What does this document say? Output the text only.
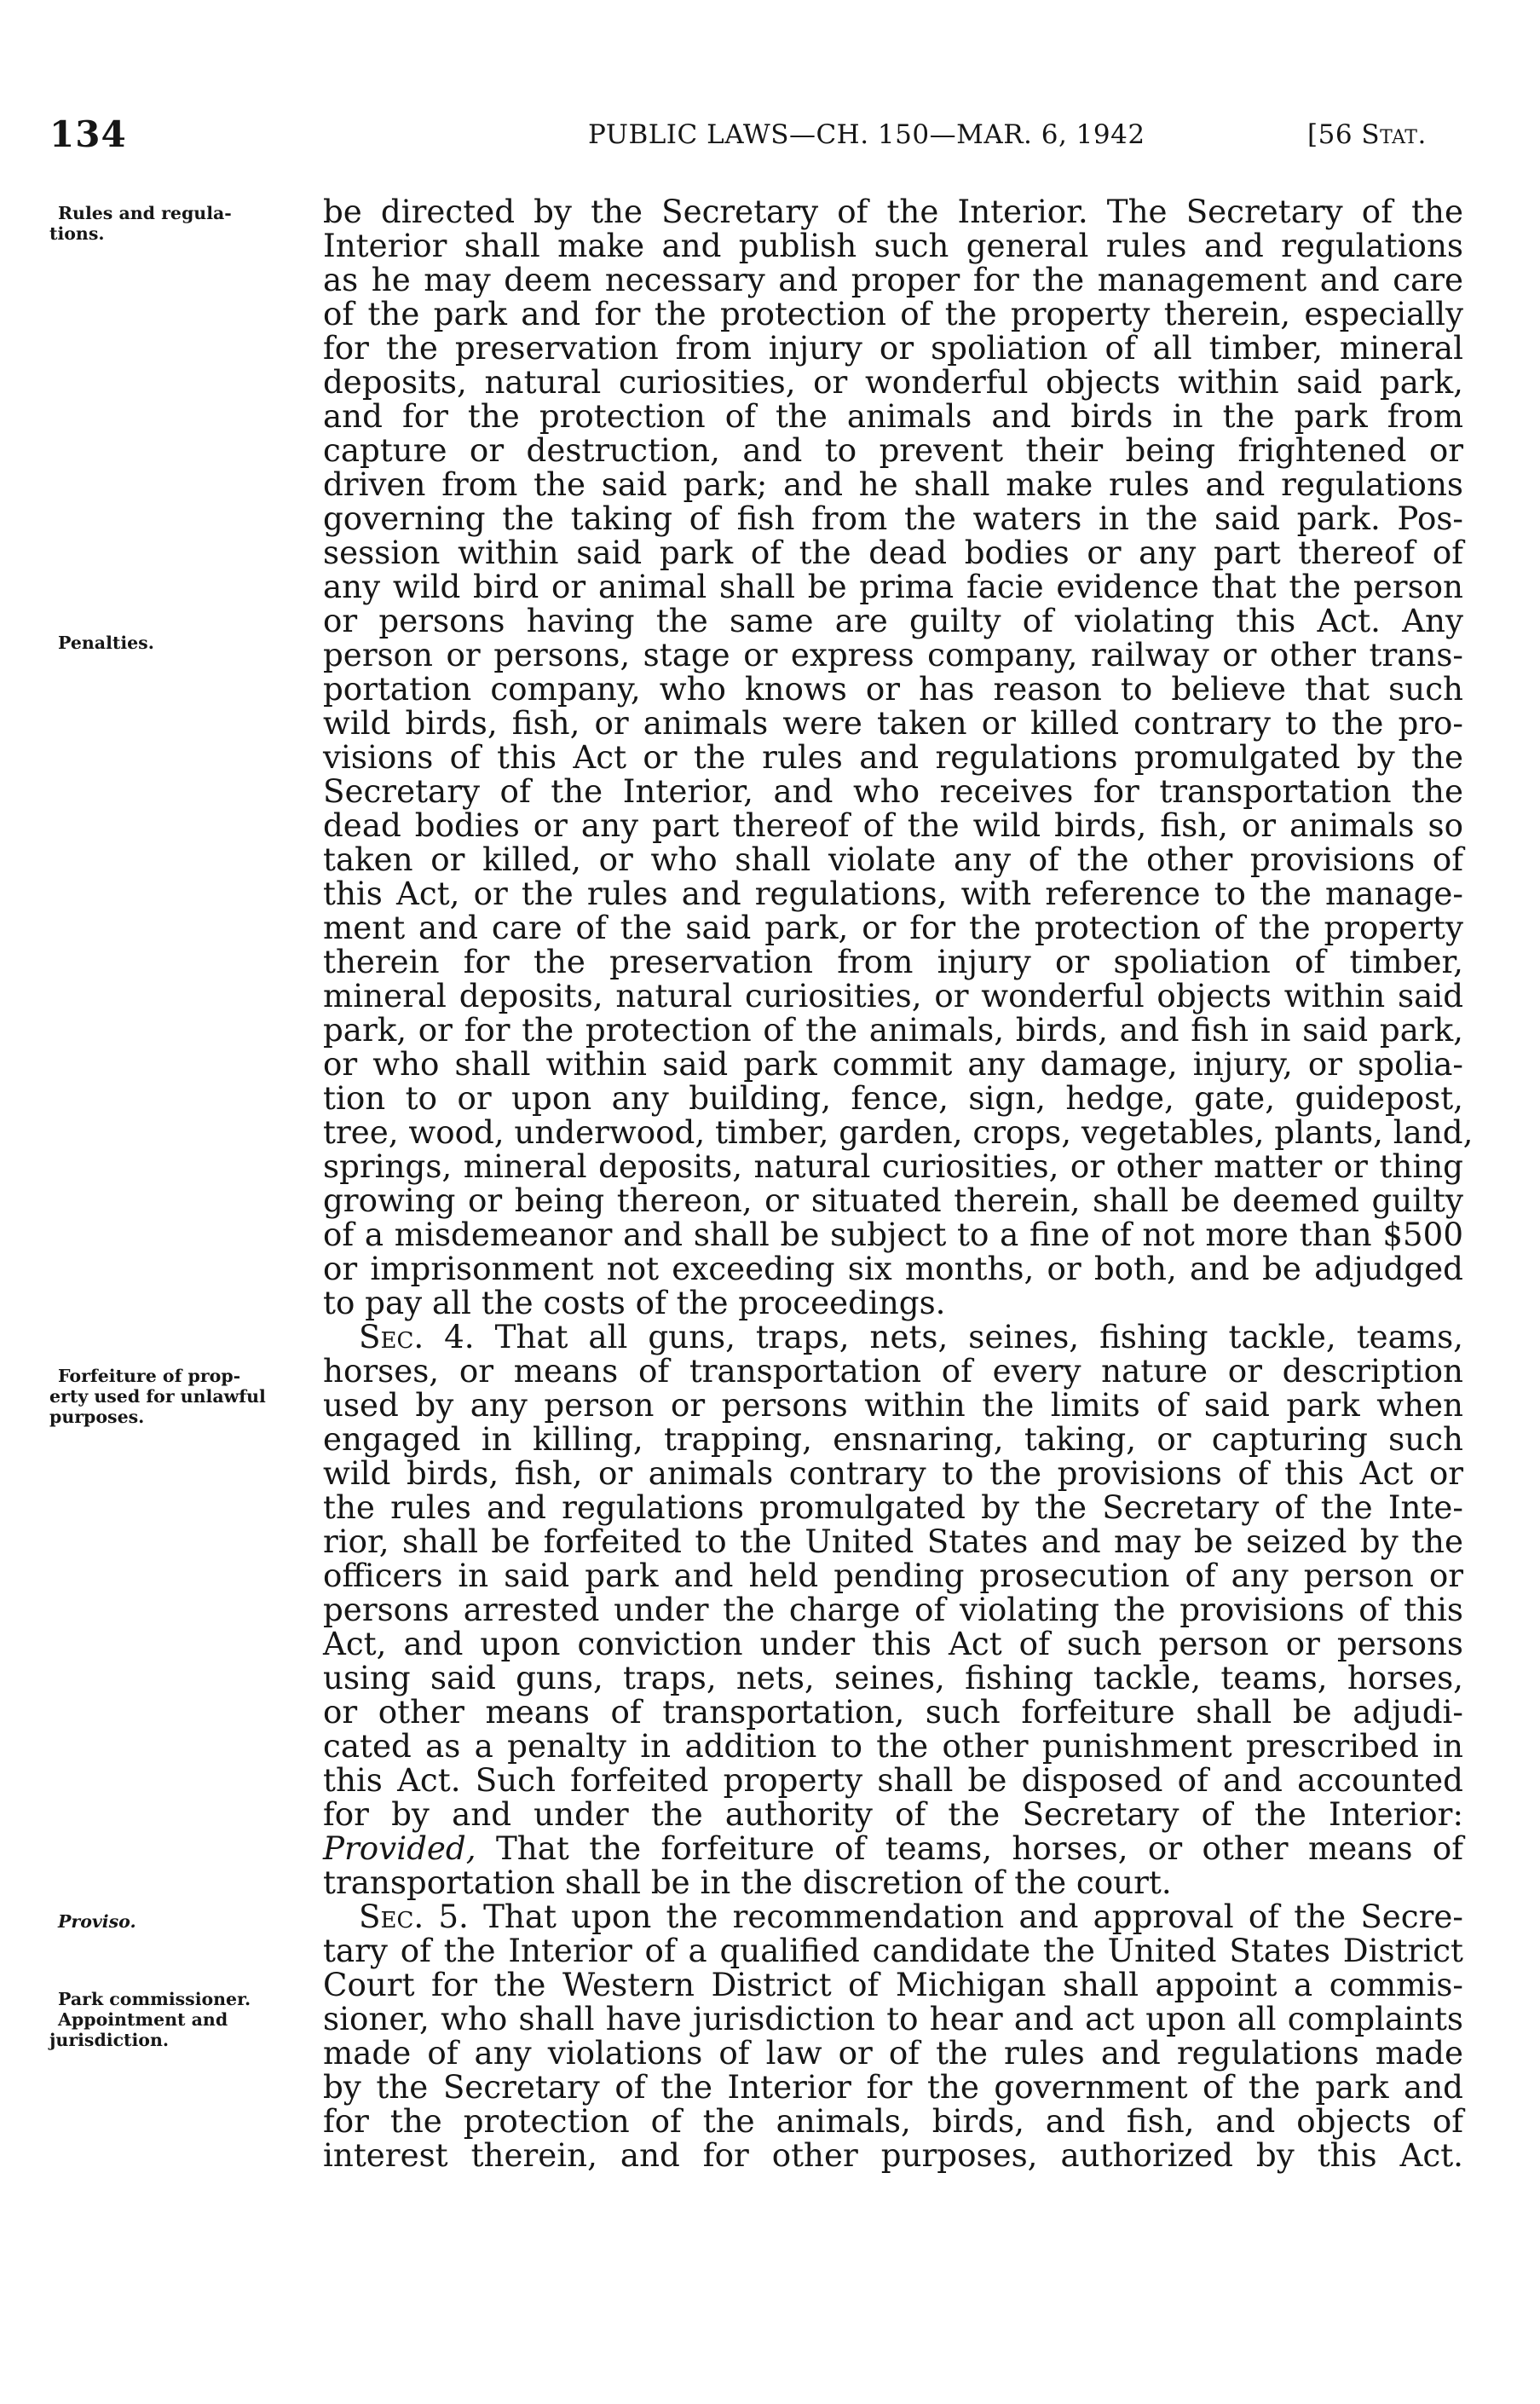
134	PUBLIC LAWS—CH. 150—MAR. 6, 1942	[56 Stat.
Rules and regula-
tions.
Penalties.
Forfeiture of prop-
erty used for unlawful
purposes.
Proviso.
Park commissioner.
Appointment and
jurisdiction.
be directed by the Secretary of the Interior. The Secretary of the
Interior shall make and publish such general rules and regulations
as he may deem necessary and proper for the management and care
of the park and for the protection of the property therein, especially
for the preservation from injury or spoliation of all timber, mineral
deposits, natural curiosities, or wonderful objects within said park,
and for the protection of the animals and birds in the park from
capture or destruction, and to prevent their being frightened or
driven from the said park; and he shall make rules and regulations
governing the taking of fish from the waters in the said park. Pos-
session within said park of the dead bodies or any part thereof of
any wild bird or animal shall be prima facie evidence that the person
or persons having the same are guilty of violating this Act. Any
person or persons, stage or express company, railway or other trans-
portation company, who knows or has reason to believe that such
wild birds, fish, or animals were taken or killed contrary to the pro-
visions of this Act or the rules and regulations promulgated by the
Secretary of the Interior, and who receives for transportation the
dead bodies or any part thereof of the wild birds, fish, or animals so
taken or killed, or who shall violate any of the other provisions of
this Act, or the rules and regulations, with reference to the manage-
ment and care of the said park, or for the protection of the property
therein for the preservation from injury or spoliation of timber,
mineral deposits, natural curiosities, or wonderful objects within said
park, or for the protection of the animals, birds, and fish in said park,
or who shall within said park commit any damage, injury, or spolia-
tion to or upon any building, fence, sign, hedge, gate, guidepost,
tree, wood, underwood, timber, garden, crops, vegetables, plants, land,
springs, mineral deposits, natural curiosities, or other matter or thing
growing or being thereon, or situated therein, shall be deemed guilty
of a misdemeanor and shall be subject to a fine of not more than $500
or imprisonment not exceeding six months, or both, and be adjudged
to pay all the costs of the proceedings.
Sec. 4. That all guns, traps, nets, seines, fishing tackle, teams,
horses, or means of transportation of every nature or description
used by any person or persons within the limits of said park when
engaged in killing, trapping, ensnaring, taking, or capturing such
wild birds, fish, or animals contrary to the provisions of this Act or
the rules and regulations promulgated by the Secretary of the Inte-
rior, shall be forfeited to the United States and may be seized by the
officers in said park and held pending prosecution of any person or
persons arrested under the charge of violating the provisions of this
Act, and upon conviction under this Act of such person or persons
using said guns, traps, nets, seines, fishing tackle, teams, horses,
or other means of transportation, such forfeiture shall be adjudi-
cated as a penalty in addition to the other punishment prescribed in
this Act. Such forfeited property shall be disposed of and accounted
for by and under the authority of the Secretary of the Interior:
Provided, That the forfeiture of teams, horses, or other means of
transportation shall be in the discretion of the court.
Sec. 5. That upon the recommendation and approval of the Secre-
tary of the Interior of a qualified candidate the United States District
Court for the Western District of Michigan shall appoint a commis-
sioner, who shall have jurisdiction to hear and act upon all complaints
made of any violations of law or of the rules and regulations made
by the Secretary of the Interior for the government of the park and
for the protection of the animals, birds, and fish, and objects of
interest therein, and for other purposes, authorized by this Act.
